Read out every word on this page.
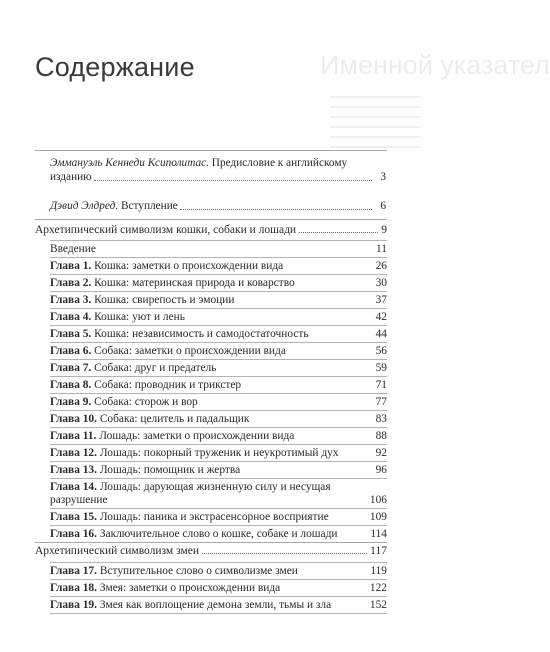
Именной указател
Содержание
Эммануэль Кеннеди Ксиполитас. Предисловие к английскому
изданию	3
Дэвид Элдред. Вступление	6
Архетипический символизм кошки, собаки и лошади	9
Введение	11
Глава 1. Кошка: заметки о происхождении вида	26
Глава 2. Кошка: материнская природа и коварство	30
Глава 3. Кошка: свирепость и эмоции	37
Глава 4. Кошка: уют и лень	42
Глава 5. Кошка: независимость и самодостаточность	44
Глава 6. Собака: заметки о происхождении вида	56
Глава 7. Собака: друг и предатель	59
Глава 8. Собака: проводник и трикстер	71
Глава 9. Собака: сторож и вор	77
Глава 10. Собака: целитель и падальщик	83
Глава 11. Лошадь: заметки о происхождении вида	88
Глава 12. Лошадь: покорный труженик и неукротимый дух	92
Глава 13. Лошадь: помощник и жертва	96
Глава 14. Лошадь: дарующая жизненную силу и несущая
разрушение	106
Глава 15. Лошадь: паника и экстрасенсорное восприятие	109
Глава 16. Заключительное слово о кошке, собаке и лошади	114
Архетипический символизм змеи	117
Глава 17. Вступительное слово о символизме змеи	119
Глава 18. Змея: заметки о происхождении вида	122
Глава 19. Змея как воплощение демона земли, тьмы и зла	152
